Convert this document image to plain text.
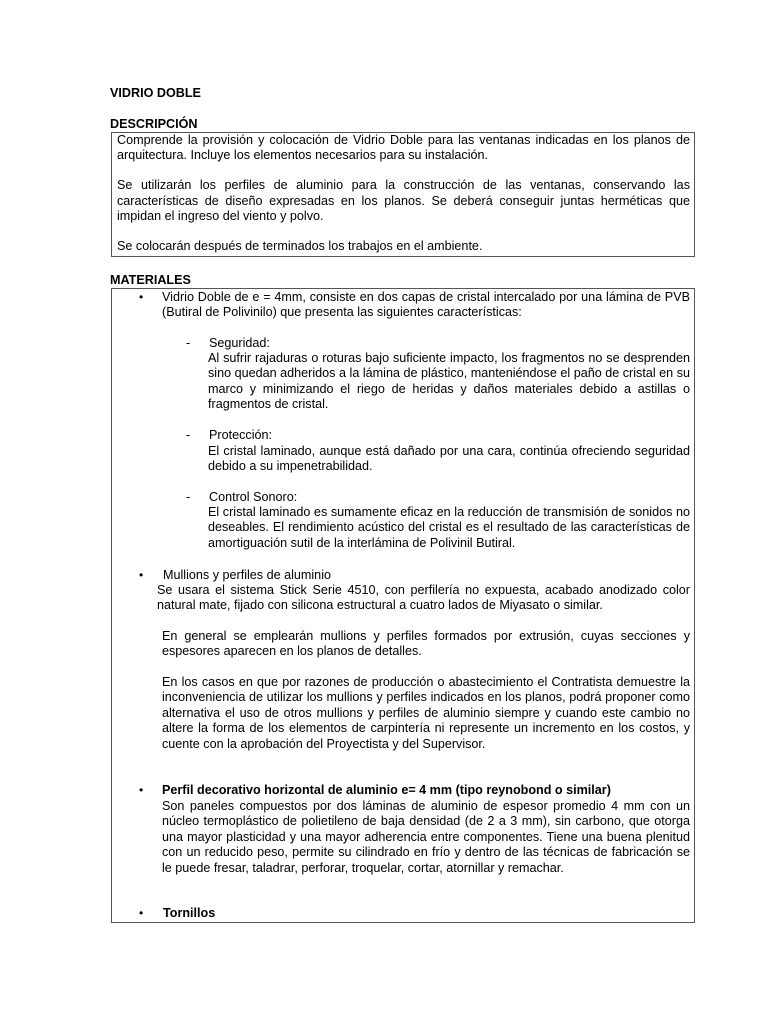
VIDRIO DOBLE
DESCRIPCIÓN

Comprende la provisión y colocación de Vidrio Doble para las ventanas indicadas en los planos de arquitectura. Incluye los elementos necesarios para su instalación.

Se utilizarán los perfiles de aluminio para la construcción de las ventanas, conservando las características de diseño expresadas en los planos. Se deberá conseguir juntas herméticas que impidan el ingreso del viento y polvo.

Se colocarán después de terminados los trabajos en el ambiente.

MATERIALES
• Vidrio Doble de e = 4mm, consiste en dos capas de cristal intercalado por una lámina de PVB (Butiral de Polivinilo) que presenta las siguientes características:

- Seguridad:

Al sufrir rajaduras o roturas bajo suficiente impacto, los fragmentos no se desprenden sino quedan adheridos a la lámina de plástico, manteniéndose el paño de cristal en su marco y minimizando el riego de heridas y daños materiales debido a astillas o fragmentos de cristal.

- Protección:

El cristal laminado, aunque está dañado por una cara, continúa ofreciendo seguridad debido a su impenetrabilidad.

- Control Sonoro:

El cristal laminado es sumamente eficaz en la reducción de transmisión de sonidos no deseables. El rendimiento acústico del cristal es el resultado de las características de amortiguación sutil de la interlámina de Polivinil Butiral.

• Mullions y perfiles de aluminio

Se usara el sistema Stick Serie 4510, con perfilería no expuesta, acabado anodizado color natural mate, fijado con silicona estructural a cuatro lados de Miyasato o similar.

En general se emplearán mullions y perfiles formados por extrusión, cuyas secciones y espesores aparecen en los planos de detalles.

En los casos en que por razones de producción o abastecimiento el Contratista demuestre la inconveniencia de utilizar los mullions y perfiles indicados en los planos, podrá proponer como alternativa el uso de otros mullions y perfiles de aluminio siempre y cuando este cambio no altere la forma de los elementos de carpintería ni represente un incremento en los costos, y cuente con la aprobación del Proyectista y del Supervisor.

• Perfil decorativo horizontal de aluminio e= 4 mm (tipo reynobond o similar)

Son paneles compuestos por dos láminas de aluminio de espesor promedio 4 mm con un núcleo termoplástico de polietileno de baja densidad (de 2 a 3 mm), sin carbono, que otorga una mayor plasticidad y una mayor adherencia entre componentes. Tiene una buena plenitud con un reducido peso, permite su cilindrado en frío y dentro de las técnicas de fabricación se le puede fresar, taladrar, perforar, troquelar, cortar, atornillar y remachar.

• Tornillos
